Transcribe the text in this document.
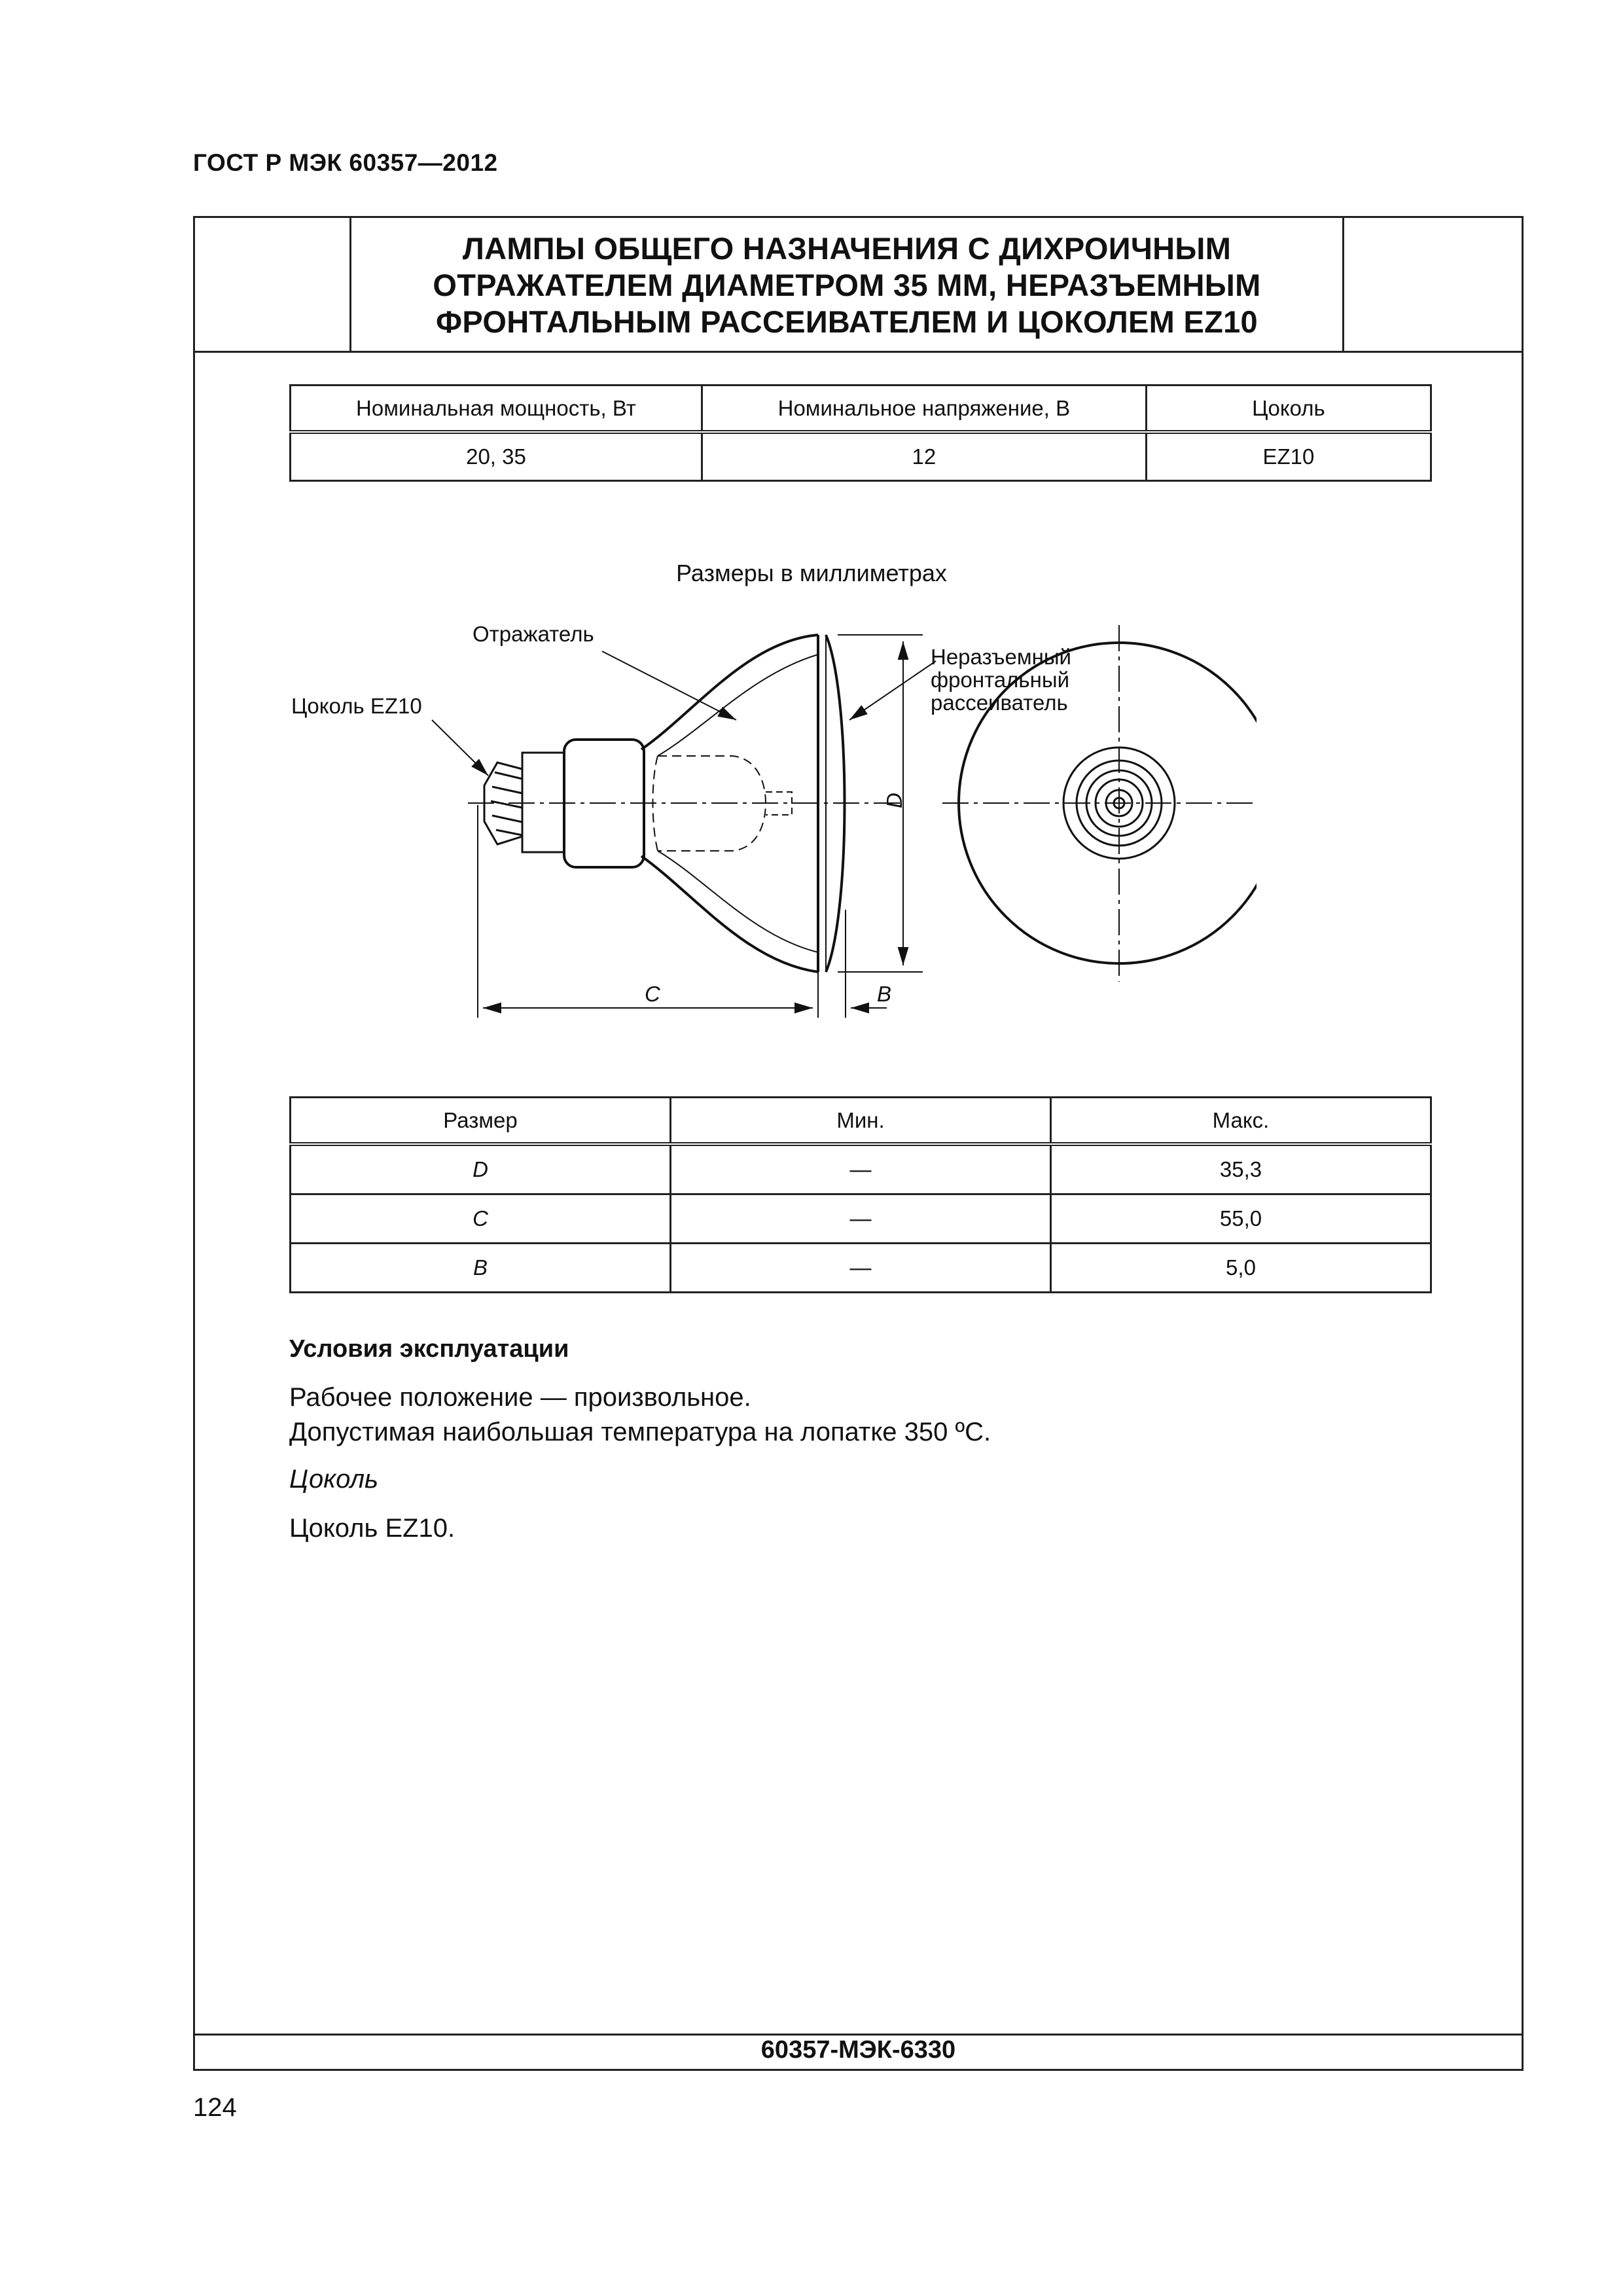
ГОСТ Р МЭК 60357—2012
ЛАМПЫ ОБЩЕГО НАЗНАЧЕНИЯ С ДИХРОИЧНЫМ
ОТРАЖАТЕЛЕМ ДИАМЕТРОМ 35 ММ, НЕРАЗЪЕМНЫМ
ФРОНТАЛЬНЫМ РАССЕИВАТЕЛЕМ И ЦОКОЛЕМ EZ10
60357-МЭК-6330
Номинальная мощность, Вт	Номинальное напряжение, В	Цоколь
20, 35	12	EZ10
Размеры в миллиметрах
Отражатель
Цоколь EZ10
Неразъемный
фронтальный
рассеиватель
D
C	B
Размер	Мин.	Макс.
D	—	35,3
C	—	55,0
B	—	5,0
Условия эксплуатации
Рабочее положение — произвольное.
Допустимая наибольшая температура на лопатке 350 ºC.
Цоколь
Цоколь EZ10.
124
